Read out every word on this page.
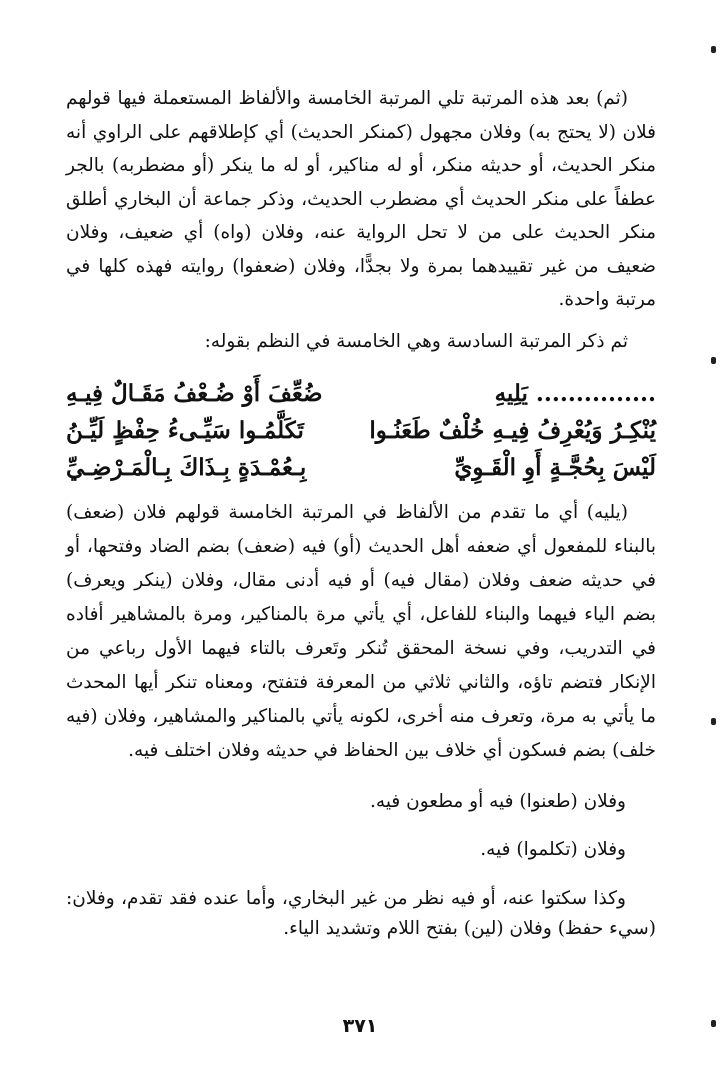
(ثم) بعد هذه المرتبة تلي المرتبة الخامسة والألفاظ المستعملة فيها قولهم فلان (لا يحتج به) وفلان مجهول (كمنكر الحديث) أي كإطلاقهم على الراوي أنه منكر الحديث، أو حديثه منكر، أو له مناكير، أو له ما ينكر (أو مضطربه) بالجر عطفاً على منكر الحديث أي مضطرب الحديث، وذكر جماعة أن البخاري أطلق منكر الحديث على من لا تحل الرواية عنه، وفلان (واه) أي ضعيف، وفلان ضعيف من غير تقييدهما بمرة ولا بجدًّا، وفلان (ضعفوا) روايته فهذه كلها في مرتبة واحدة.

ثم ذكر المرتبة السادسة وهي الخامسة في النظم بقوله:

............... يَلِيهِ
ضُعِّفَ أَوْ ضُـعْفُ مَقَـالٌ فِيـهِ
يُنْكِـرُ وَيُعْرِفُ فِيـهِ خُلْفٌ طَعَنُـوا
تَكَلَّمُـوا سَيِّـىءُ حِفْظٍ لَيِّـنُ
لَيْسَ بِحُجَّـةٍ أَوِ الْقَـوِيِّ
بِـعُمْـدَةٍ بِـذَاكَ بِـالْمَـرْضِـيِّ

(يليه) أي ما تقدم من الألفاظ في المرتبة الخامسة قولهم فلان (ضعف) بالبناء للمفعول أي ضعفه أهل الحديث (أو) فيه (ضعف) بضم الضاد وفتحها، أو في حديثه ضعف وفلان (مقال فيه) أو فيه أدنى مقال، وفلان (ينكر ويعرف) بضم الياء فيهما والبناء للفاعل، أي يأتي مرة بالمناكير، ومرة بالمشاهير أفاده في التدريب، وفي نسخة المحقق تُنكر وتَعرف بالتاء فيهما الأول رباعي من الإنكار فتضم تاؤه، والثاني ثلاثي من المعرفة فتفتح، ومعناه تنكر أيها المحدث ما يأتي به مرة، وتعرف منه أخرى، لكونه يأتي بالمناكير والمشاهير، وفلان (فيه خلف) بضم فسكون أي خلاف بين الحفاظ في حديثه وفلان اختلف فيه.

وفلان (طعنوا) فيه أو مطعون فيه.

وفلان (تكلموا) فيه.

وكذا سكتوا عنه، أو فيه نظر من غير البخاري، وأما عنده فقد تقدم، وفلان: (سيء حفظ) وفلان (لين) بفتح اللام وتشديد الياء.

٣٧١
